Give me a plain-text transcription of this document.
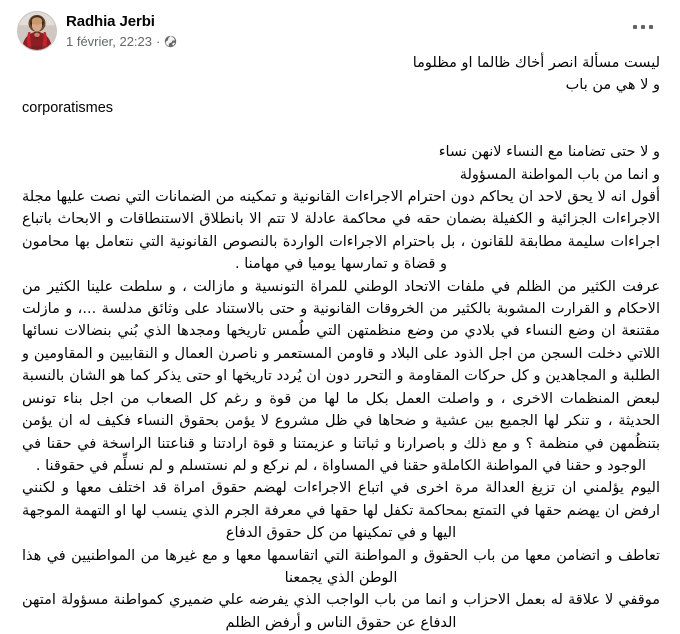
Radhia Jerbi
1 février, 22:23 ·

ليست مسألة انصر أخاك ظالما او مظلوما

و لا هي من باب

corporatismes

و لا حتى تضامنا مع النساء لانهن نساء

و انما من باب المواطنة المسؤولة

أقول انه لا يحق لاحد ان يحاكم دون احترام الاجراءات القانونية و تمكينه من الضمانات التي نصت عليها مجلة الاجراءات الجزائية و الكفيلة بضمان حقه في محاكمة عادلة لا تتم الا بانطلاق الاستنطاقات و الابحاث باتباع اجراءات سليمة مطابقة للقانون ، بل باحترام الاجراءات الواردة بالنصوص القانونية التي نتعامل بها محامون و قضاة و تمارسها يوميا في مهامنا .

عرفت الكثير من الظلم في ملفات الاتحاد الوطني للمراة التونسية و مازالت ، و سلطت علينا الكثير من الاحكام و القرارت المشوبة بالكثير من الخروقات القانونية و حتى بالاستناد على وثائق مدلسة ...، و مازلت مقتنعة ان وضع النساء في بلادي من وضع منظمتهن التي طُمس تاريخها ومجدها الذي بُني بنضالات نسائها اللاتي دخلت السجن من اجل الذود على البلاد و قاومن المستعمر و ناصرن العمال و النقابيين و المقاومين و الطلبة و المجاهدين و كل حركات المقاومة و التحرر دون ان يُردد تاريخها او حتى يذكر كما هو الشان بالنسبة لبعض المنظمات الاخرى ، و واصلت العمل بكل ما لها من قوة و رغم كل الصعاب من اجل بناء تونس الحديثة ، و تنكر لها الجميع بين عشية و ضحاها في ظل مشروع لا يؤمن بحقوق النساء فكيف له ان يؤمن بتنظُمهن في منظمة ؟ و مع ذلك و باصرارنا و ثباتنا و عزيمتنا و قوة ارادتنا و قناعتنا الراسخة في حقنا في الوجود و حقنا في المواطنة الكاملةو حقنا في المساواة ، لم نركع و لم نستسلم و لم نسلِّم في حقوقنا .

اليوم يؤلمني ان تزيغ العدالة مرة اخرى في اتباع الاجراءات لهضم حقوق امراة قد اختلف معها و لكنني ارفض ان يهضم حقها في التمتع بمحاكمة تكفل لها حقها في معرفة الجرم الذي ينسب لها او التهمة الموجهة اليها و في تمكينها من كل حقوق الدفاع

تعاطف و اتضامن معها من باب الحقوق و المواطنة التي اتقاسمها معها و مع غيرها من المواطنيين في هذا الوطن الذي يجمعنا

موقفي لا علاقة له بعمل الاحزاب و انما من باب الواجب الذي يفرضه علي ضميري كمواطنة مسؤولة امتهن الدفاع عن حقوق الناس و أرفض الظلم
